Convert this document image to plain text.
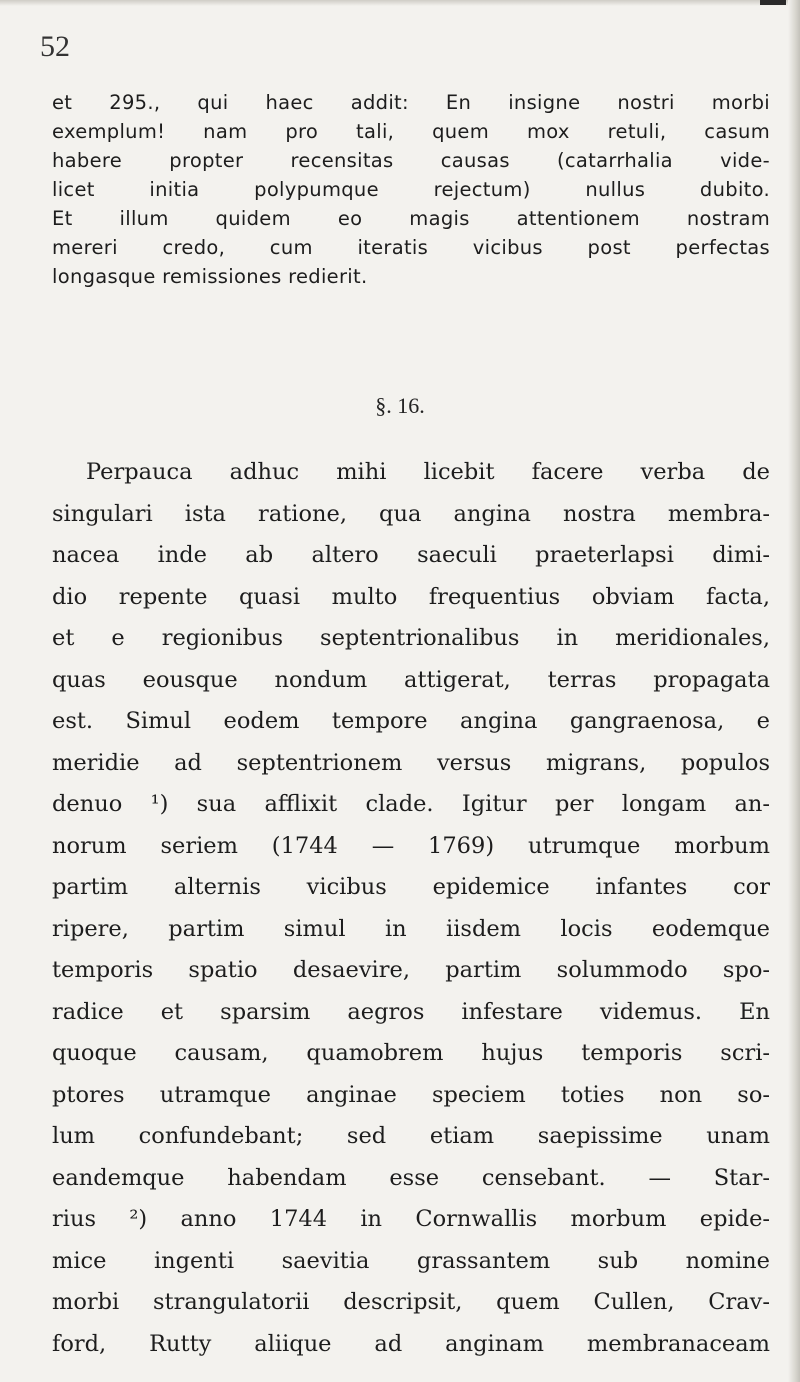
52
et 295., qui haec addit: En insigne nostri morbi
exemplum! nam pro tali, quem mox retuli, casum
habere propter recensitas causas (catarrhalia vide-
licet initia polypumque rejectum) nullus dubito.
Et illum quidem eo magis attentionem nostram
mereri credo, cum iteratis vicibus post perfectas
longasque remissiones redierit.
§. 16.
Perpauca adhuc mihi licebit facere verba de
singulari ista ratione, qua angina nostra membra-
nacea inde ab altero saeculi praeterlapsi dimi-
dio repente quasi multo frequentius obviam facta,
et e regionibus septentrionalibus in meridionales,
quas eousque nondum attigerat, terras propagata
est. Simul eodem tempore angina gangraenosa, e
meridie ad septentrionem versus migrans, populos
denuo ¹) sua afflixit clade. Igitur per longam an-
norum seriem (1744 — 1769) utrumque morbum
partim alternis vicibus epidemice infantes cor
ripere, partim simul in iisdem locis eodemque
temporis spatio desaevire, partim solummodo spo-
radice et sparsim aegros infestare videmus. En
quoque causam, quamobrem hujus temporis scri-
ptores utramque anginae speciem toties non so-
lum confundebant; sed etiam saepissime unam
eandemque habendam esse censebant. — Star-
rius ²) anno 1744 in Cornwallis morbum epide-
mice ingenti saevitia grassantem sub nomine
morbi strangulatorii descripsit, quem Cullen, Crav-
ford, Rutty aliique ad anginam membranaceam
